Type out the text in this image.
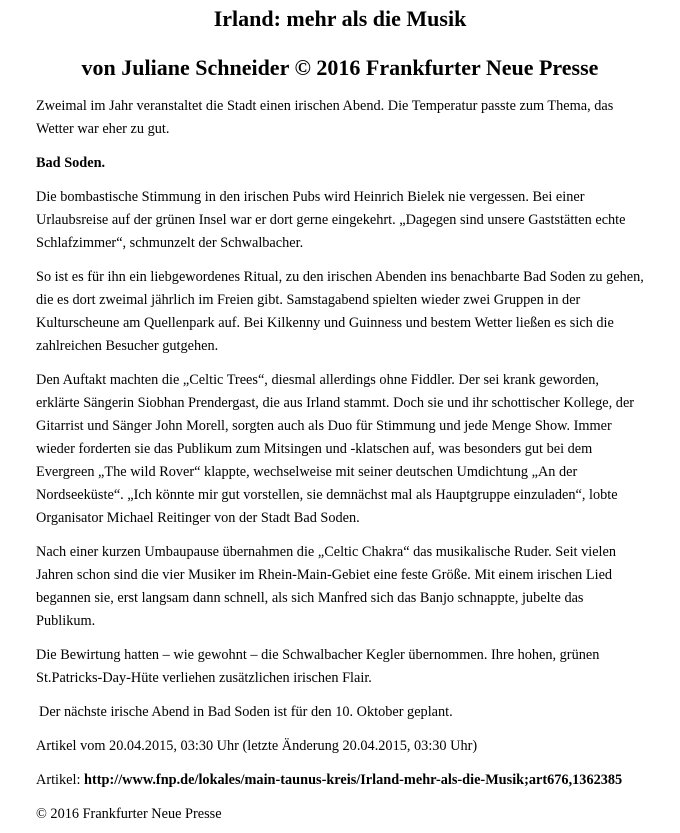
Irland: mehr als die Musik
von Juliane Schneider © 2016 Frankfurter Neue Presse

Zweimal im Jahr veranstaltet die Stadt einen irischen Abend. Die Temperatur passte zum Thema, das Wetter war eher zu gut.

Bad Soden.

Die bombastische Stimmung in den irischen Pubs wird Heinrich Bielek nie vergessen. Bei einer Urlaubsreise auf der grünen Insel war er dort gerne eingekehrt. „Dagegen sind unsere Gaststätten echte Schlafzimmer“, schmunzelt der Schwalbacher.

So ist es für ihn ein liebgewordenes Ritual, zu den irischen Abenden ins benachbarte Bad Soden zu gehen, die es dort zweimal jährlich im Freien gibt. Samstagabend spielten wieder zwei Gruppen in der Kulturscheune am Quellenpark auf. Bei Kilkenny und Guinness und bestem Wetter ließen es sich die zahlreichen Besucher gutgehen.

Den Auftakt machten die „Celtic Trees“, diesmal allerdings ohne Fiddler. Der sei krank geworden, erklärte Sängerin Siobhan Prendergast, die aus Irland stammt. Doch sie und ihr schottischer Kollege, der Gitarrist und Sänger John Morell, sorgten auch als Duo für Stimmung und jede Menge Show. Immer wieder forderten sie das Publikum zum Mitsingen und -klatschen auf, was besonders gut bei dem Evergreen „The wild Rover“ klappte, wechselweise mit seiner deutschen Umdichtung „An der Nordseeküste“. „Ich könnte mir gut vorstellen, sie demnächst mal als Hauptgruppe einzuladen“, lobte Organisator Michael Reitinger von der Stadt Bad Soden.

Nach einer kurzen Umbaupause übernahmen die „Celtic Chakra“ das musikalische Ruder. Seit vielen Jahren schon sind die vier Musiker im Rhein-Main-Gebiet eine feste Größe. Mit einem irischen Lied begannen sie, erst langsam dann schnell, als sich Manfred sich das Banjo schnappte, jubelte das Publikum.

Die Bewirtung hatten – wie gewohnt – die Schwalbacher Kegler übernommen. Ihre hohen, grünen St.Patricks-Day-Hüte verliehen zusätzlichen irischen Flair.

Der nächste irische Abend in Bad Soden ist für den 10. Oktober geplant.

Artikel vom 20.04.2015, 03:30 Uhr (letzte Änderung 20.04.2015, 03:30 Uhr)

Artikel: http://www.fnp.de/lokales/main-taunus-kreis/Irland-mehr-als-die-Musik;art676,1362385

© 2016 Frankfurter Neue Presse
